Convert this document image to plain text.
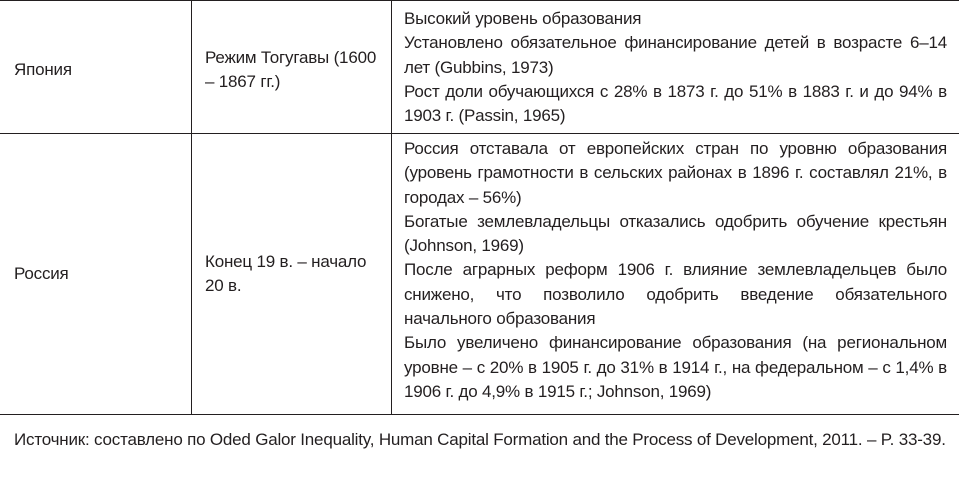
Япония
Режим Тогугавы (1600 – 1867 гг.)

Высокий уровень образования

Установлено обязательное финансирование детей в возрасте 6–14 лет (Gubbins, 1973)

Рост доли обучающихся с 28% в 1873 г. до 51% в 1883 г. и до 94% в 1903 г. (Passin, 1965)

Россия
Конец 19 в. – начало 20 в.

Россия отставала от европейских стран по уровню образования (уровень грамотности в сельских районах в 1896 г. составлял 21%, в городах – 56%)

Богатые землевладельцы отказались одобрить обучение крестьян (Johnson, 1969)

После аграрных реформ 1906 г. влияние землевладельцев было снижено, что позволило одобрить введение обязательного начального образования

Было увеличено финансирование образования (на региональном уровне – с 20% в 1905 г. до 31% в 1914 г., на федеральном – с 1,4% в 1906 г. до 4,9% в 1915 г.; Johnson, 1969)

Источник: составлено по Oded Galor Inequality, Human Capital Formation and the Process of Development, 2011. – P. 33-39.
